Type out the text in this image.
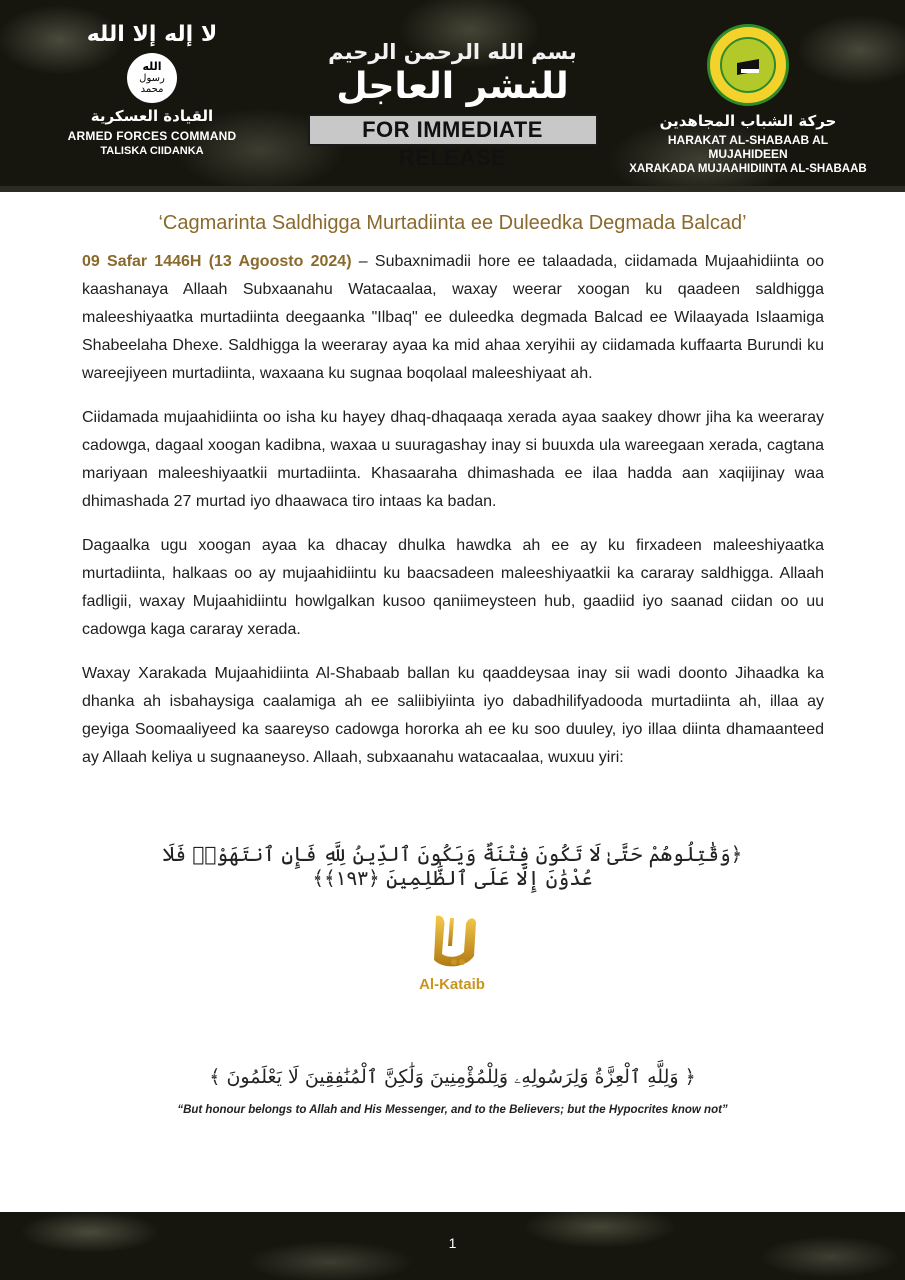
لا إله إلا الله
الله
رسول محمد
القيادة العسكرية
ARMED FORCES COMMAND
TALISKA CIIDANKA
بسم الله الرحمن الرحيم
للنشر العاجل
FOR IMMEDIATE RELEASE
حركة الشباب المجاهدين
HARAKAT AL-SHABAAB AL MUJAHIDEEN
XARAKADA MUJAAHIDIINTA AL-SHABAAB
‘Cagmarinta Saldhigga Murtadiinta ee Duleedka Degmada Balcad’

09 Safar 1446H (13 Agoosto 2024) – Subaxnimadii hore ee talaadada, ciidamada Mujaahidiinta oo kaashanaya Allaah Subxaanahu Watacaalaa, waxay weerar xoogan ku qaadeen saldhigga maleeshiyaatka murtadiinta deegaanka "Ilbaq" ee duleedka degmada Balcad ee Wilaayada Islaamiga Shabeelaha Dhexe. Saldhigga la weeraray ayaa ka mid ahaa xeryihii ay ciidamada kuffaarta Burundi ku wareejiyeen murtadiinta, waxaana ku sugnaa boqolaal maleeshiyaat ah.

Ciidamada mujaahidiinta oo isha ku hayey dhaq-dhaqaaqa xerada ayaa saakey dhowr jiha ka weeraray cadowga, dagaal xoogan kadibna, waxaa u suuragashay inay si buuxda ula wareegaan xerada, cagtana mariyaan maleeshiyaatkii murtadiinta. Khasaaraha dhimashada ee ilaa hadda aan xaqiijinay waa dhimashada 27 murtad iyo dhaawaca tiro intaas ka badan.

Dagaalka ugu xoogan ayaa ka dhacay dhulka hawdka ah ee ay ku firxadeen maleeshiyaatka murtadiinta, halkaas oo ay mujaahidiintu ku baacsadeen maleeshiyaatkii ka cararay saldhigga. Allaah fadligii, waxay Mujaahidiintu howlgalkan kusoo qaniimeysteen hub, gaadiid iyo saanad ciidan oo uu cadowga kaga cararay xerada.

Waxay Xarakada Mujaahidiinta Al-Shabaab ballan ku qaaddeysaa inay sii wadi doonto Jihaadka ka dhanka ah isbahaysiga caalamiga ah ee saliibiyiinta iyo dabadhilifyadooda murtadiinta ah, illaa ay geyiga Soomaaliyeed ka saareyso cadowga hororka ah ee ku soo duuley, iyo illaa diinta dhamaanteed ay Allaah keliya u sugnaaneyso. Allaah, subxaanahu watacaalaa, wuxuu yiri:

﴿وَقَٰتِلُوهُمْ حَتَّىٰ لَا تَكُونَ فِتْنَةٌ وَيَكُونَ ٱلدِّينُ لِلَّهِ فَإِنِ ٱنتَهَوْا۟ فَلَا عُدْوَٰنَ إِلَّا عَلَى ٱلظَّٰلِمِينَ ﴿١٩٣﴾﴾
Al-Kataib
﴿ وَلِلَّهِ ٱلْعِزَّةُ وَلِرَسُولِهِۦ وَلِلْمُؤْمِنِينَ وَلَٰكِنَّ ٱلْمُنَٰفِقِينَ لَا يَعْلَمُونَ ﴾
“But honour belongs to Allah and His Messenger, and to the Believers; but the Hypocrites know not”
1
